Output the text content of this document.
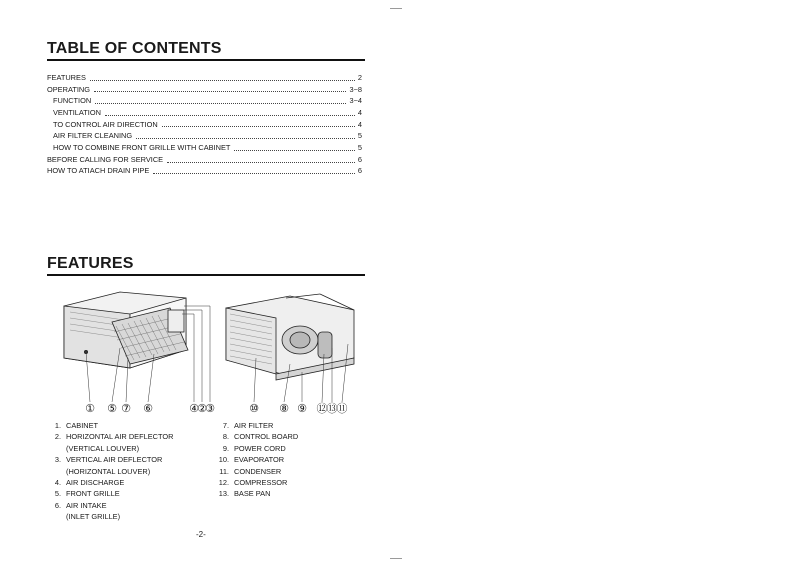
TABLE OF CONTENTS
FEATURES	2
OPERATING	3~8
FUNCTION	3~4
VENTILATION	4
TO CONTROL AIR DIRECTION	4
AIR FILTER CLEANING	5
HOW TO COMBINE FRONT GRILLE WITH CABINET	5
BEFORE CALLING FOR SERVICE	6
HOW TO ATIACH DRAIN PIPE	6
FEATURES
① ⑤ ⑦ ⑥	④
②
③	⑩ ⑧ ⑨ ⑫ ⑬ ⑪
1. CABINET
2. HORIZONTAL AIR DEFLECTOR
(VERTICAL LOUVER)
3. VERTICAL AIR DEFLECTOR
(HORIZONTAL LOUVER)
4. AIR DISCHARGE
5. FRONT GRILLE
6. AIR INTAKE
(INLET GRILLE)
7. AIR FILTER
8. CONTROL BOARD
9. POWER CORD
10. EVAPORATOR
11. CONDENSER
12. COMPRESSOR
13. BASE PAN
-2-
